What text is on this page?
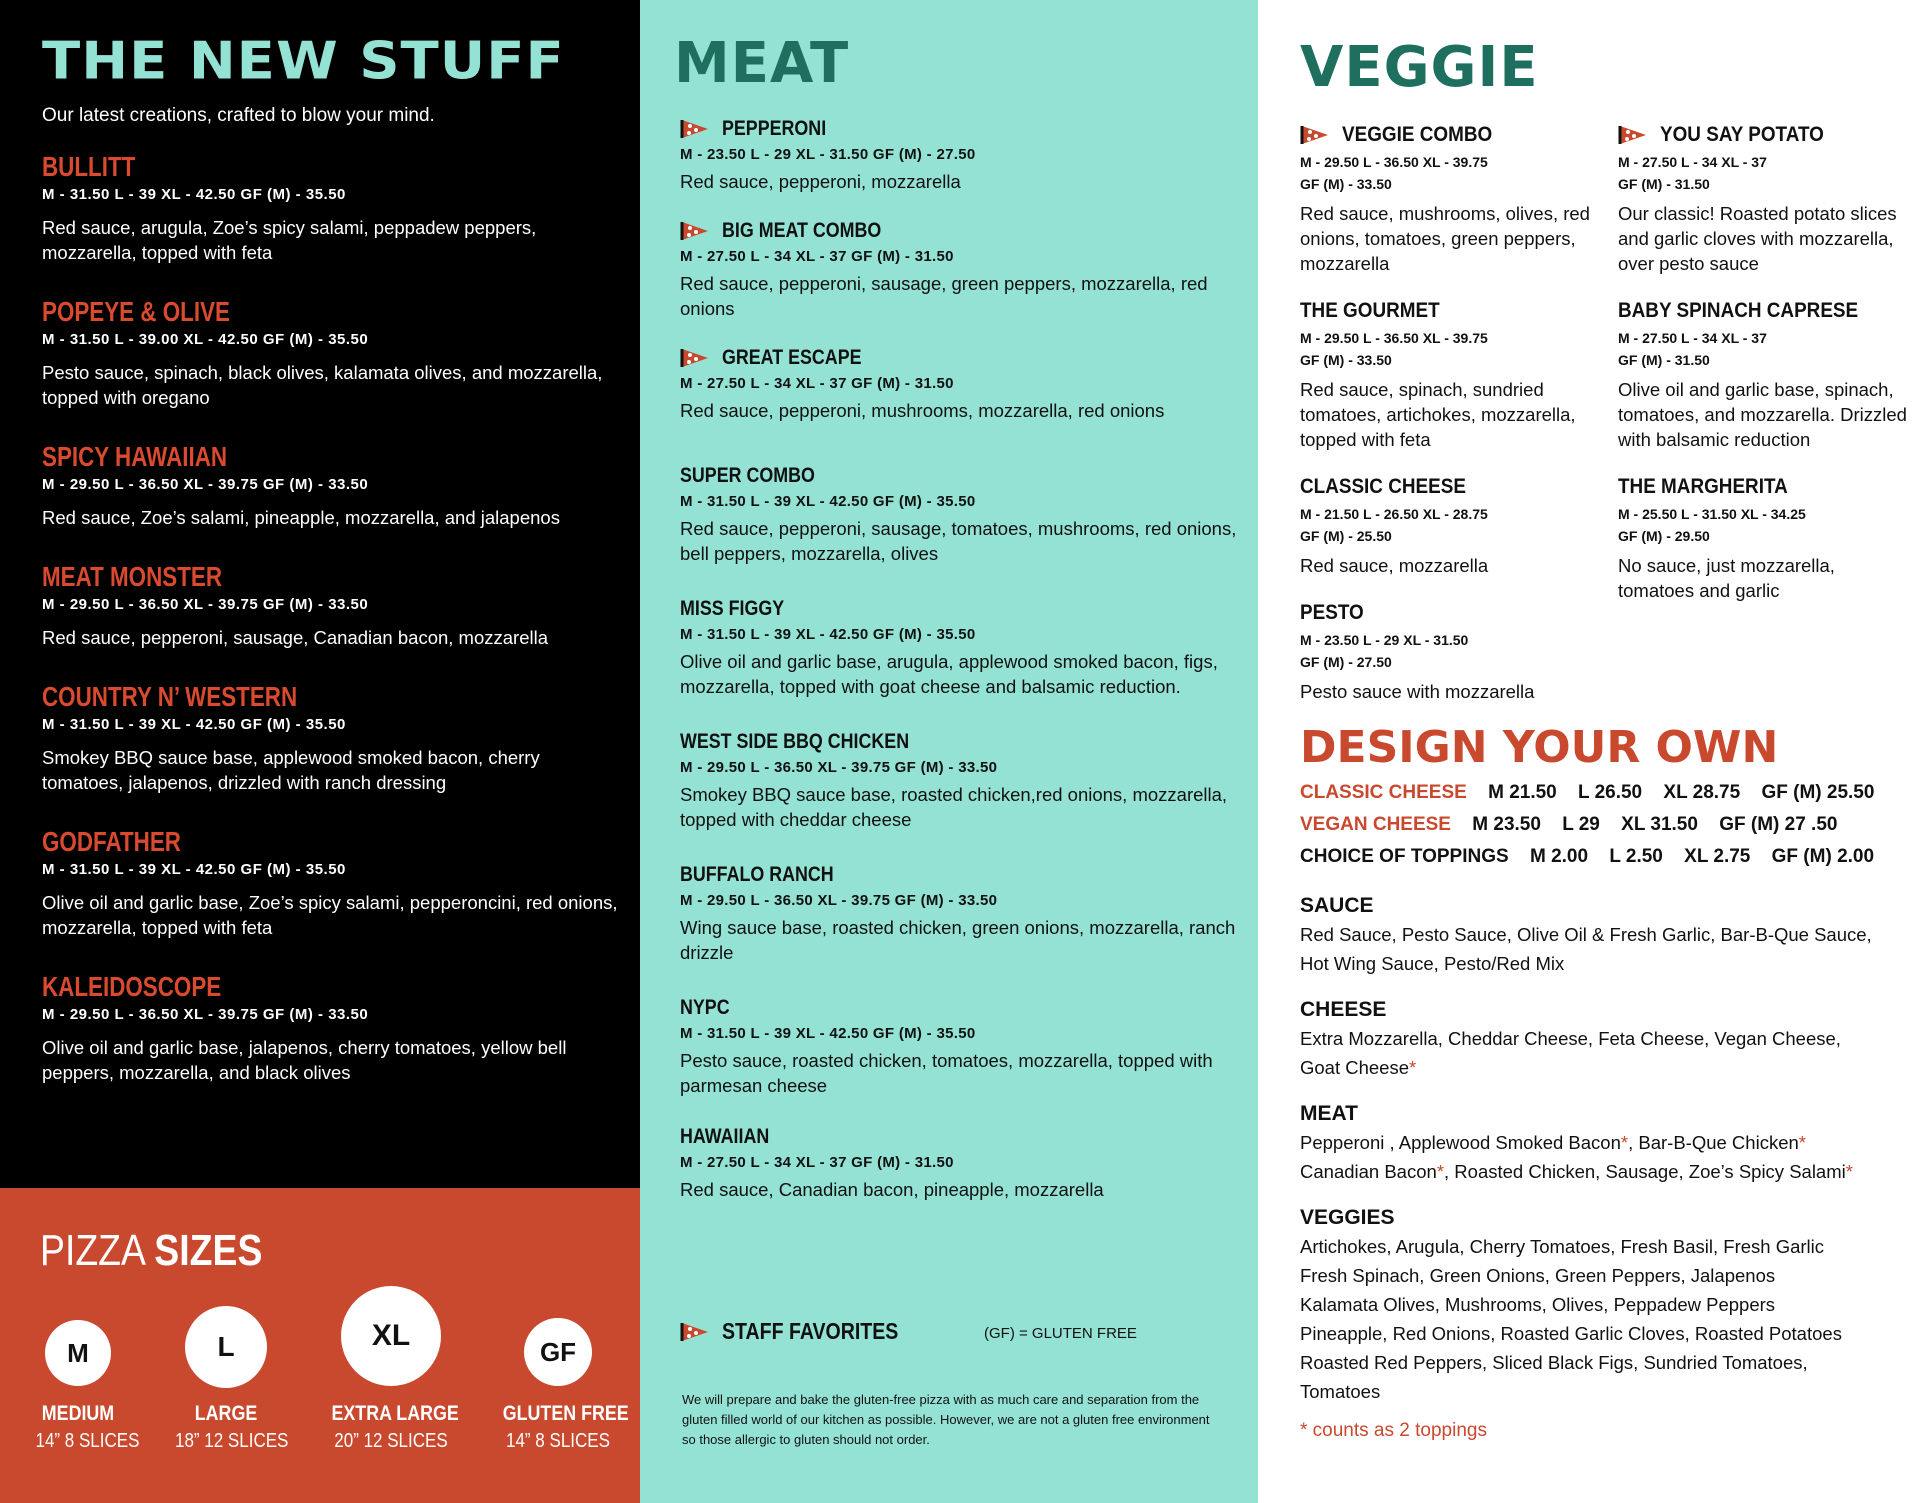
THE NEW STUFF
Our latest creations, crafted to blow your mind.
BULLITT
M - 31.50 L - 39 XL - 42.50 GF (M) - 35.50
Red sauce, arugula, Zoe’s spicy salami, peppadew peppers, mozzarella, topped with feta
POPEYE & OLIVE
M - 31.50 L - 39.00 XL - 42.50 GF (M) - 35.50
Pesto sauce, spinach, black olives, kalamata olives, and mozzarella, topped with oregano
SPICY HAWAIIAN
M - 29.50 L - 36.50 XL - 39.75 GF (M) - 33.50
Red sauce, Zoe’s salami, pineapple, mozzarella, and jalapenos
MEAT MONSTER
M - 29.50 L - 36.50 XL - 39.75 GF (M) - 33.50
Red sauce, pepperoni, sausage, Canadian bacon, mozzarella
COUNTRY N’ WESTERN
M - 31.50 L - 39 XL - 42.50 GF (M) - 35.50
Smokey BBQ sauce base, applewood smoked bacon, cherry tomatoes, jalapenos, drizzled with ranch dressing
GODFATHER
M - 31.50 L - 39 XL - 42.50 GF (M) - 35.50
Olive oil and garlic base, Zoe’s spicy salami, pepperoncini, red onions, mozzarella, topped with feta
KALEIDOSCOPE
M - 29.50 L - 36.50 XL - 39.75 GF (M) - 33.50
Olive oil and garlic base, jalapenos, cherry tomatoes, yellow bell peppers, mozzarella, and black olives
PIZZA SIZES
M
MEDIUM
14” 8 SLICES
L
LARGE
18” 12 SLICES
XL
EXTRA LARGE
20” 12 SLICES
GF
GLUTEN FREE
14” 8 SLICES
MEAT
PEPPERONI
M - 23.50 L - 29 XL - 31.50 GF (M) - 27.50
Red sauce, pepperoni, mozzarella
BIG MEAT COMBO
M - 27.50 L - 34 XL - 37 GF (M) - 31.50
Red sauce, pepperoni, sausage, green peppers, mozzarella, red onions
GREAT ESCAPE
M - 27.50 L - 34 XL - 37 GF (M) - 31.50
Red sauce, pepperoni, mushrooms, mozzarella, red onions
SUPER COMBO
M - 31.50 L - 39 XL - 42.50 GF (M) - 35.50
Red sauce, pepperoni, sausage, tomatoes, mushrooms, red onions, bell peppers, mozzarella, olives
MISS FIGGY
M - 31.50 L - 39 XL - 42.50 GF (M) - 35.50
Olive oil and garlic base, arugula, applewood smoked bacon, figs, mozzarella, topped with goat cheese and balsamic reduction.
WEST SIDE BBQ CHICKEN
M - 29.50 L - 36.50 XL - 39.75 GF (M) - 33.50
Smokey BBQ sauce base, roasted chicken,red onions, mozzarella, topped with cheddar cheese
BUFFALO RANCH
M - 29.50 L - 36.50 XL - 39.75 GF (M) - 33.50
Wing sauce base, roasted chicken, green onions, mozzarella, ranch drizzle
NYPC
M - 31.50 L - 39 XL - 42.50 GF (M) - 35.50
Pesto sauce, roasted chicken, tomatoes, mozzarella, topped with parmesan cheese
HAWAIIAN
M - 27.50 L - 34 XL - 37 GF (M) - 31.50
Red sauce, Canadian bacon, pineapple, mozzarella
STAFF FAVORITES	(GF) = GLUTEN FREE
We will prepare and bake the gluten-free pizza with as much care and separation from the gluten filled world of our kitchen as possible. However, we are not a gluten free environment so those allergic to gluten should not order.
VEGGIE
VEGGIE COMBO
M - 29.50 L - 36.50 XL - 39.75
GF (M) - 33.50
Red sauce, mushrooms, olives, red onions, tomatoes, green peppers, mozzarella
THE GOURMET
M - 29.50 L - 36.50 XL - 39.75
GF (M) - 33.50
Red sauce, spinach, sundried tomatoes, artichokes, mozzarella, topped with feta
CLASSIC CHEESE
M - 21.50 L - 26.50 XL - 28.75
GF (M) - 25.50
Red sauce, mozzarella
PESTO
M - 23.50 L - 29 XL - 31.50
GF (M) - 27.50
Pesto sauce with mozzarella
YOU SAY POTATO
M - 27.50 L - 34 XL - 37
GF (M) - 31.50
Our classic! Roasted potato slices and garlic cloves with mozzarella, over pesto sauce
BABY SPINACH CAPRESE
M - 27.50 L - 34 XL - 37
GF (M) - 31.50
Olive oil and garlic base, spinach, tomatoes, and mozzarella. Drizzled with balsamic reduction
THE MARGHERITA
M - 25.50 L - 31.50 XL - 34.25
GF (M) - 29.50
No sauce, just mozzarella, tomatoes and garlic
DESIGN YOUR OWN
CLASSIC CHEESE M 21.50 L 26.50 XL 28.75 GF (M) 25.50
VEGAN CHEESE M 23.50 L 29 XL 31.50 GF (M) 27 .50
CHOICE OF TOPPINGS M 2.00 L 2.50 XL 2.75 GF (M) 2.00
SAUCE
Red Sauce, Pesto Sauce, Olive Oil & Fresh Garlic, Bar-B-Que Sauce,
Hot Wing Sauce, Pesto/Red Mix
CHEESE
Extra Mozzarella, Cheddar Cheese, Feta Cheese, Vegan Cheese,
Goat Cheese*
MEAT
Pepperoni , Applewood Smoked Bacon*, Bar-B-Que Chicken*
Canadian Bacon*, Roasted Chicken, Sausage, Zoe’s Spicy Salami*
VEGGIES
Artichokes, Arugula, Cherry Tomatoes, Fresh Basil, Fresh Garlic
Fresh Spinach, Green Onions, Green Peppers, Jalapenos
Kalamata Olives, Mushrooms, Olives, Peppadew Peppers
Pineapple, Red Onions, Roasted Garlic Cloves, Roasted Potatoes
Roasted Red Peppers, Sliced Black Figs, Sundried Tomatoes,
Tomatoes
* counts as 2 toppings
